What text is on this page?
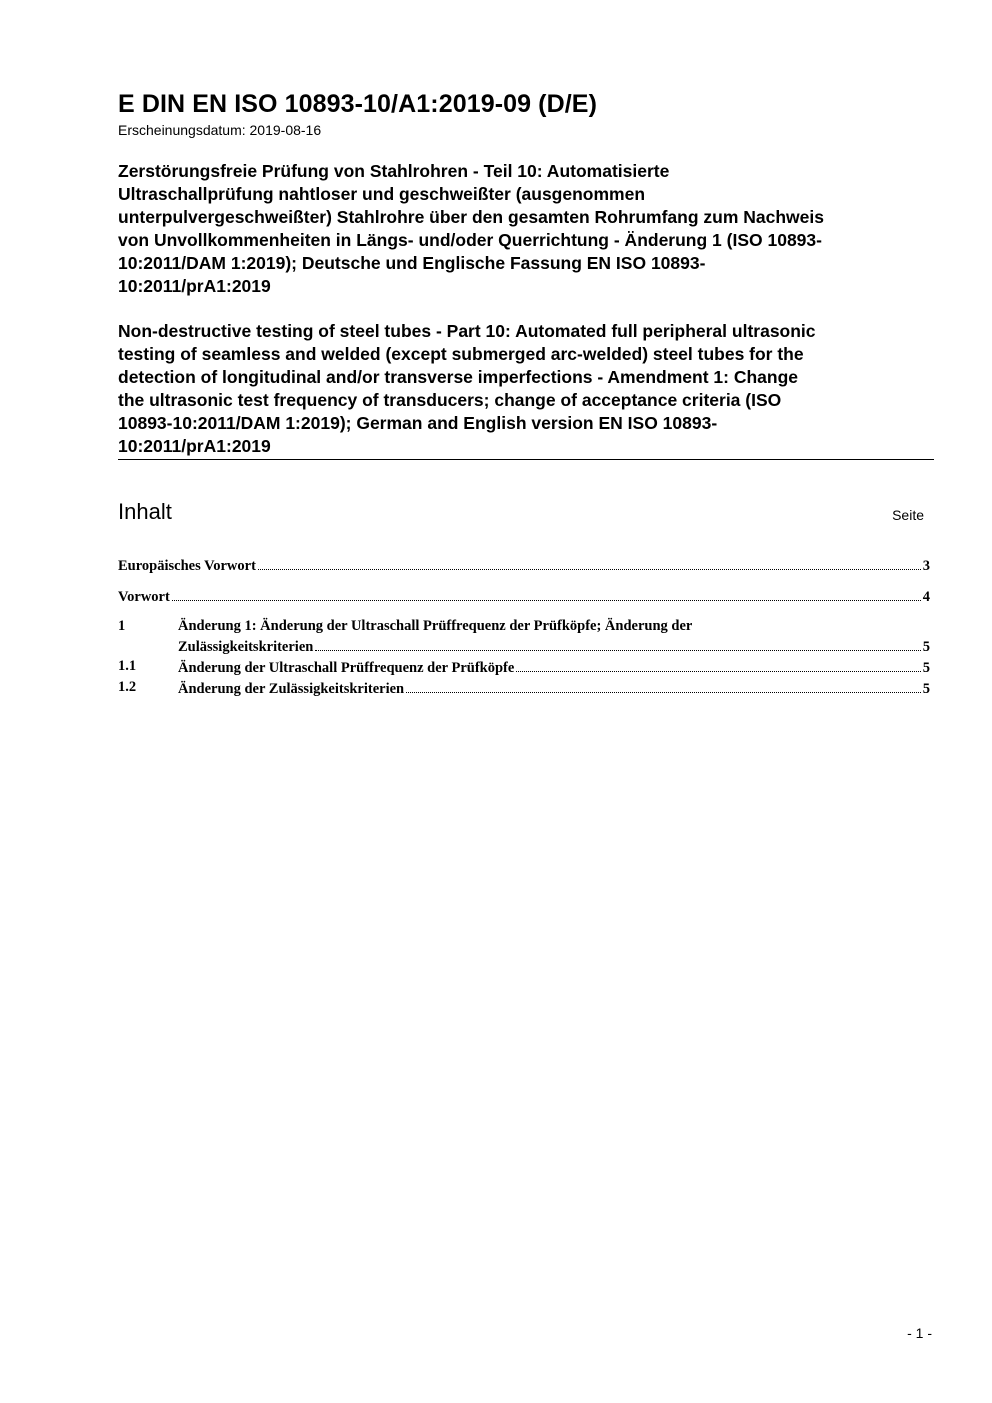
E DIN EN ISO 10893-10/A1:2019-09 (D/E)
Erscheinungsdatum: 2019-08-16
Zerstörungsfreie Prüfung von Stahlrohren - Teil 10: Automatisierte
Ultraschallprüfung nahtloser und geschweißter (ausgenommen
unterpulvergeschweißter) Stahlrohre über den gesamten Rohrumfang zum Nachweis
von Unvollkommenheiten in Längs- und/oder Querrichtung - Änderung 1 (ISO 10893-
10:2011/DAM 1:2019); Deutsche und Englische Fassung EN ISO 10893-
10:2011/prA1:2019
Non-destructive testing of steel tubes - Part 10: Automated full peripheral ultrasonic
testing of seamless and welded (except submerged arc-welded) steel tubes for the
detection of longitudinal and/or transverse imperfections - Amendment 1: Change
the ultrasonic test frequency of transducers; change of acceptance criteria (ISO
10893-10:2011/DAM 1:2019); German and English version EN ISO 10893-
10:2011/prA1:2019
Inhalt	Seite
Europäisches Vorwort	3
Vorwort	4
1	Änderung 1: Änderung der Ultraschall Prüffrequenz der Prüfköpfe; Änderung der
Zulässigkeitskriterien	5
1.1	Änderung der Ultraschall Prüffrequenz der Prüfköpfe	5
1.2	Änderung der Zulässigkeitskriterien	5
- 1 -
